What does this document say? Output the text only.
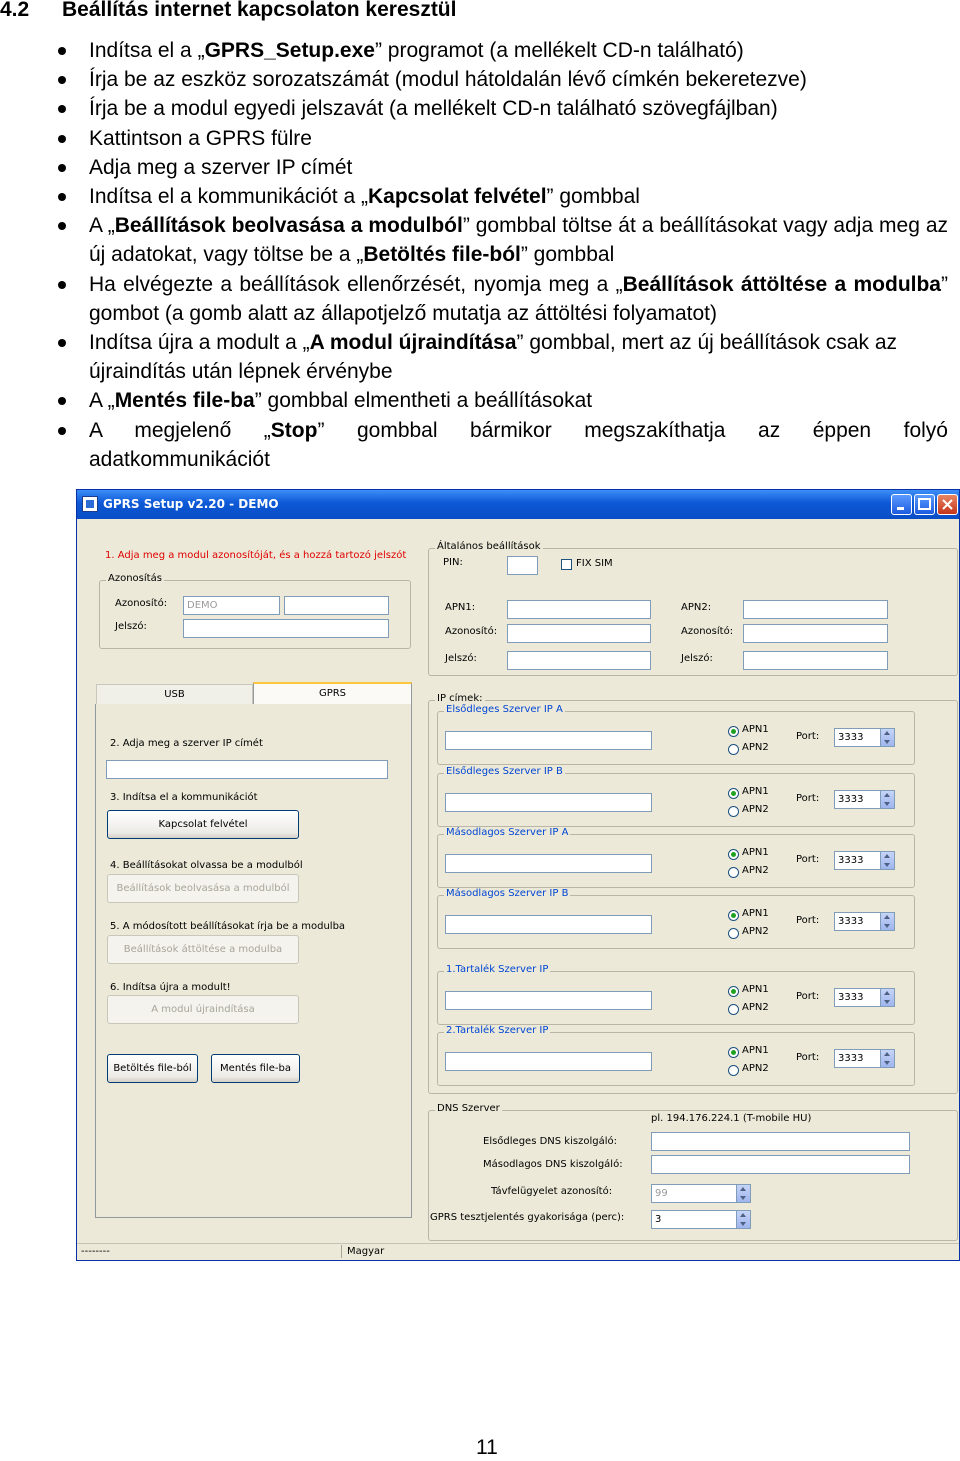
4.2 Beállítás internet kapcsolaton keresztül
Indítsa el a „GPRS_Setup.exe” programot (a mellékelt CD-n található)
Írja be az eszköz sorozatszámát (modul hátoldalán lévő címkén bekeretezve)
Írja be a modul egyedi jelszavát (a mellékelt CD-n található szövegfájlban)
Kattintson a GPRS fülre
Adja meg a szerver IP címét
Indítsa el a kommunikációt a „Kapcsolat felvétel” gombbal
A „Beállítások beolvasása a modulból” gombbal töltse át a beállításokat vagy adja meg az új adatokat, vagy töltse be a „Betöltés file-ból” gombbal
Ha elvégezte a beállítások ellenőrzését, nyomja meg a „Beállítások áttöltése a modulba” gombot (a gomb alatt az állapotjelző mutatja az áttöltési folyamatot)
Indítsa újra a modult a „A modul újraindítása” gombbal, mert az új beállítások csak az újraindítás után lépnek érvénybe
A „Mentés file-ba” gombbal elmentheti a beállításokat
A megjelenő „Stop” gombbal bármikor megszakíthatja az éppen folyó adatkommunikációt
GPRS Setup v2.20 - DEMO
1. Adja meg a modul azonosítóját, és a hozzá tartozó jelszót
Azonosítás
Azonosító:	DEMO
Jelszó:
USB	GPRS
2. Adja meg a szerver IP címét
3. Indítsa el a kommunikációt
Kapcsolat felvétel
4. Beállításokat olvassa be a modulból
Beállítások beolvasása a modulból
5. A módosított beállításokat írja be a modulba
Beállítások áttöltése a modulba
6. Indítsa újra a modult!
A modul újraindítása
Betöltés file-ból	Mentés file-ba
Általános beállítások
PIN:	FIX SIM
APN1:	APN2:
Azonosító:	Azonosító:
Jelszó:	Jelszó:
IP címek:
Elsődleges Szerver IP A
APN1
APN2
Port:	3333
Elsődleges Szerver IP B
APN1
APN2
Port:	3333
Másodlagos Szerver IP A
APN1
APN2
Port:	3333
Másodlagos Szerver IP B
APN1
APN2
Port:	3333
1.Tartalék Szerver IP
APN1
APN2
Port:	3333
2.Tartalék Szerver IP
APN1
APN2
Port:	3333
DNS Szerver
pl. 194.176.224.1 (T-mobile HU)
Elsődleges DNS kiszolgáló:
Másodlagos DNS kiszolgáló:
Távfelügyelet azonosító:	99
GPRS tesztjelentés gyakorisága (perc):	3
--------	Magyar
11
